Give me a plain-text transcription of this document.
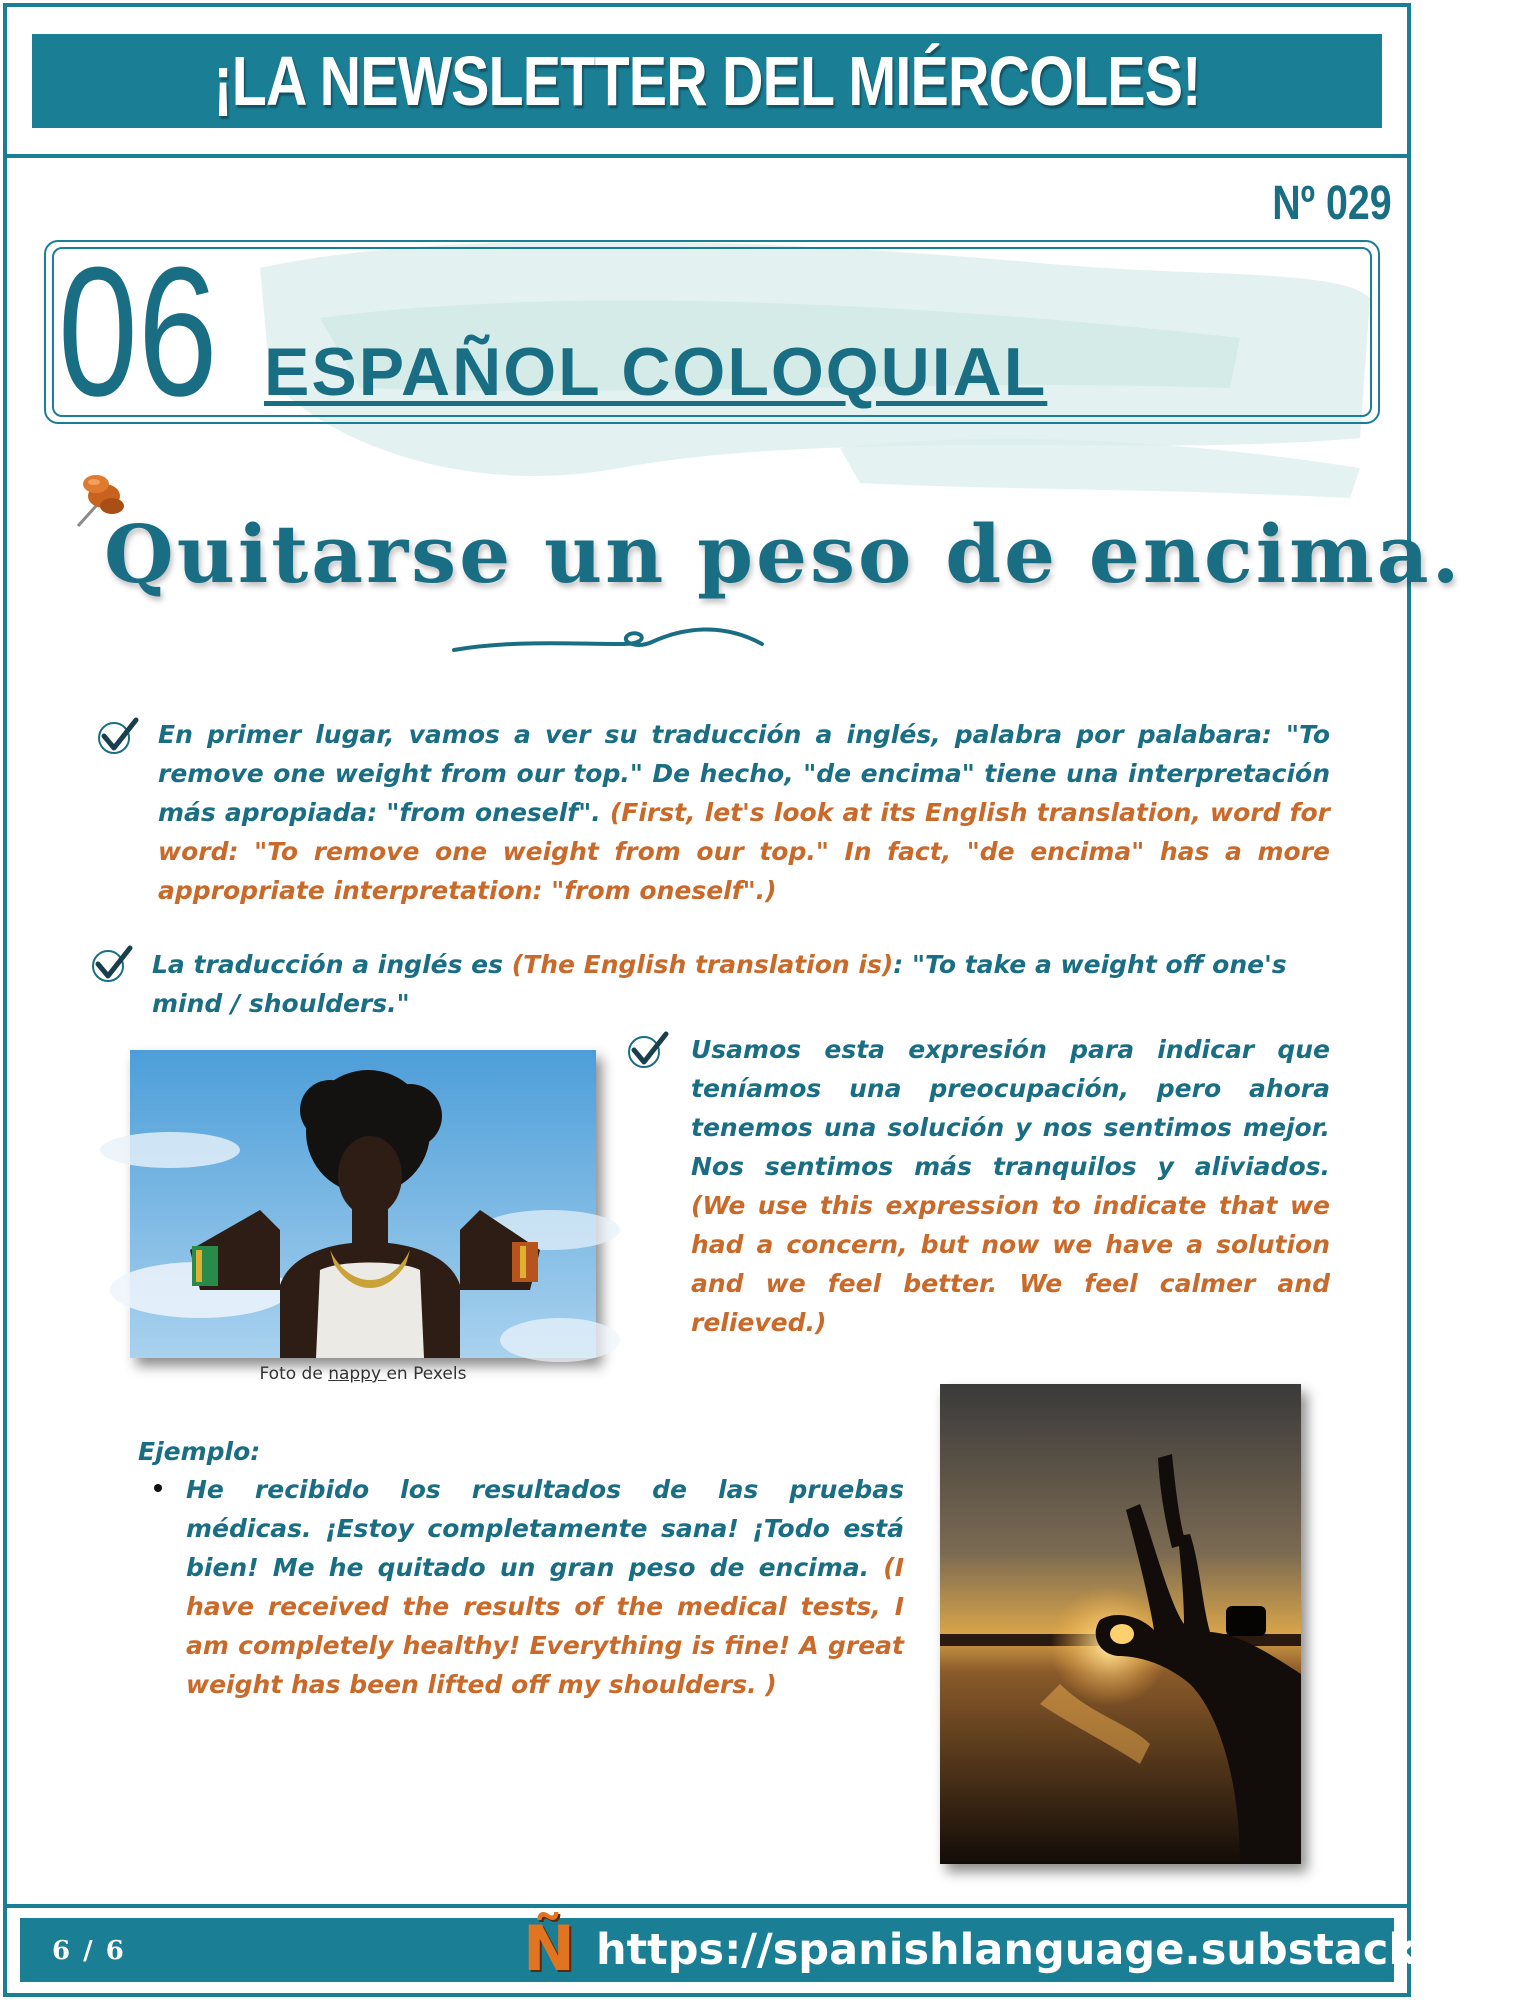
¡LA NEWSLETTER DEL MIÉRCOLES!
Nº 029
06 ESPAÑOL COLOQUIAL
Quitarse un peso de encima.
En primer lugar, vamos a ver su traducción a inglés, palabra por palabara: "To remove one weight from our top." De hecho, "de encima" tiene una interpretación más apropiada: "from oneself". (First, let's look at its English translation, word for word: "To remove one weight from our top." In fact, "de encima" has a more appropriate interpretation: "from oneself".)
La traducción a inglés es (The English translation is): "To take a weight off one's mind / shoulders."
Foto de nappy en Pexels
Usamos esta expresión para indicar que teníamos una preocupación, pero ahora tenemos una solución y nos sentimos mejor. Nos sentimos más tranquilos y aliviados. (We use this expression to indicate that we had a concern, but now we have a solution and we feel better. We feel calmer and relieved.)
Ejemplo:
He recibido los resultados de las pruebas médicas. ¡Estoy completamente sana! ¡Todo está bien! Me he quitado un gran peso de encima. (I have received the results of the medical tests, I am completely healthy! Everything is fine! A great weight has been lifted off my shoulders. )
6 / 6	Ñ https://spanishlanguage.substack.com
